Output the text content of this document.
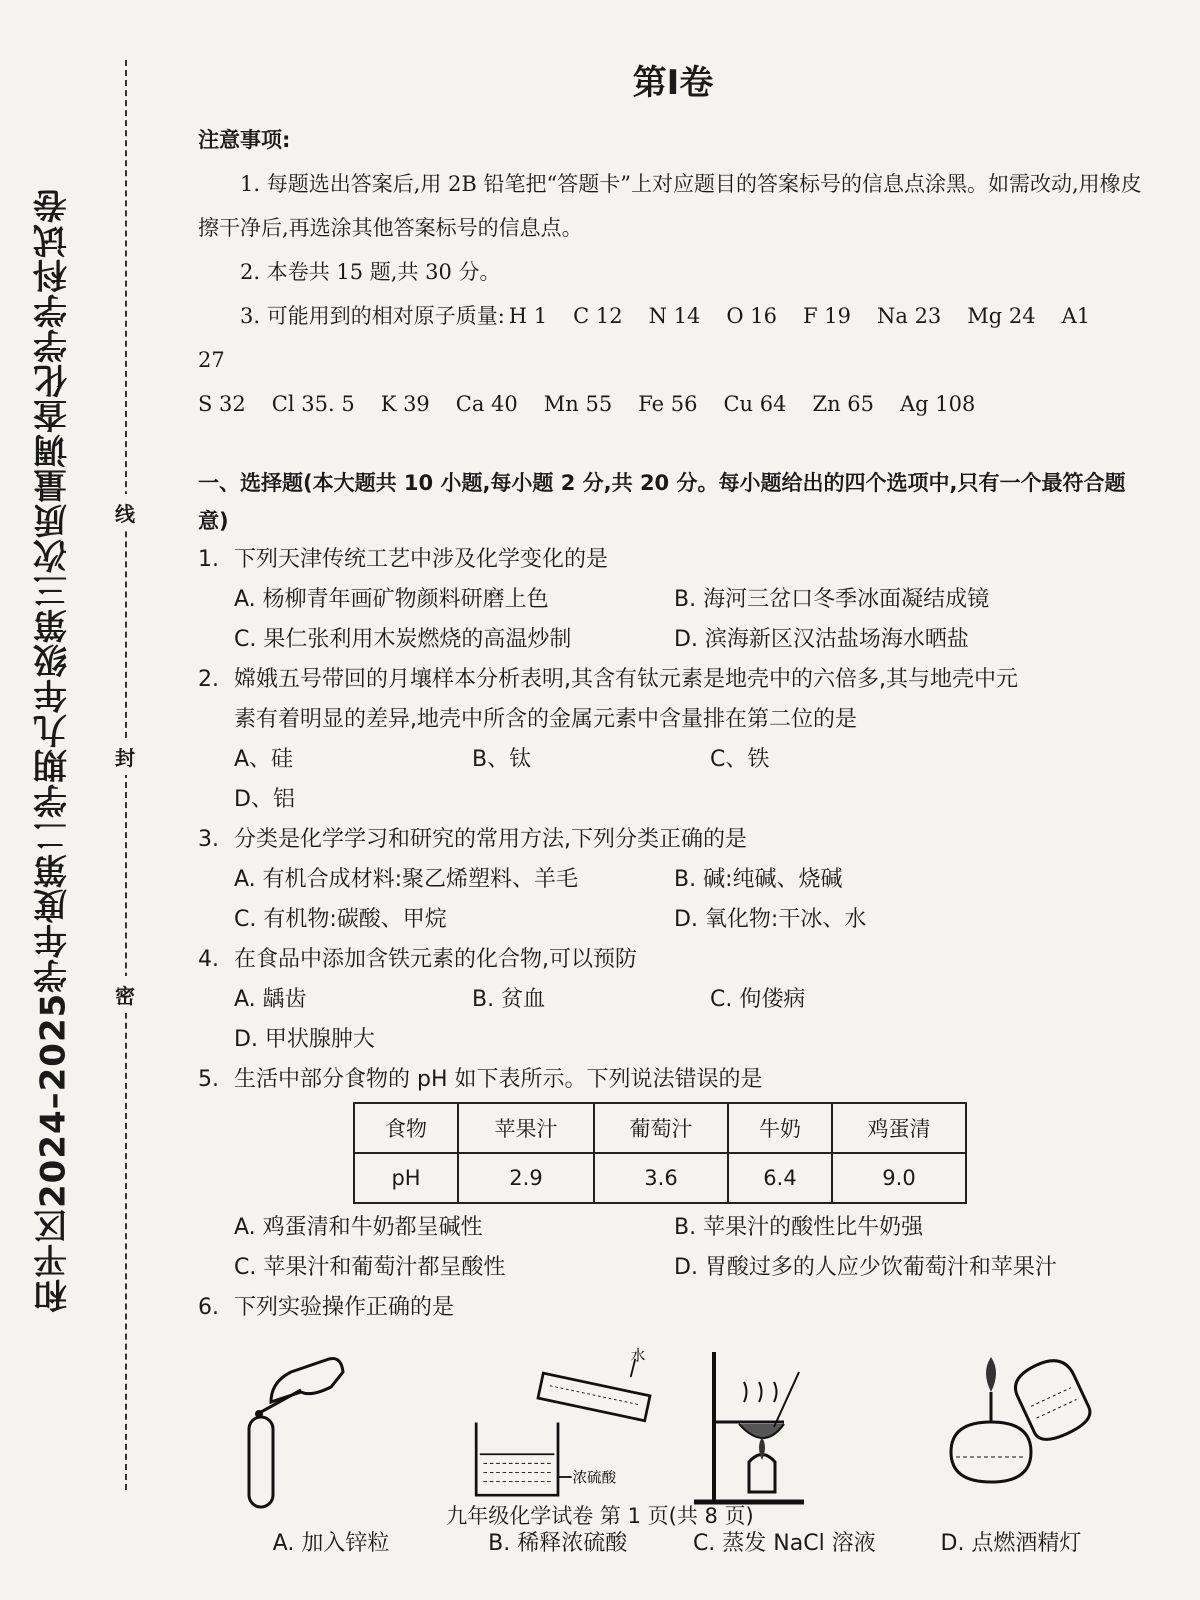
和平区2024–2025学年度第二学期九年级第三次质量调查化学学科试卷 线
封
密
第I卷
注意事项:

1. 每题选出答案后,用 2B 铅笔把“答题卡”上对应题目的答案标号的信息点涂黑。如需改动,用橡皮擦干净后,再选涂其他答案标号的信息点。

2. 本卷共 15 题,共 30 分。

3. 可能用到的相对原子质量: H 1 C 12 N 14 O 16 F 19 Na 23 Mg 24 A1 27

S 32 Cl 35. 5 K 39 Ca 40 Mn 55 Fe 56 Cu 64 Zn 65 Ag 108

一、选择题(本大题共 10 小题,每小题 2 分,共 20 分。每小题给出的四个选项中,只有一个最符合题意)

1. 下列天津传统工艺中涉及化学变化的是

A. 杨柳青年画矿物颜料研磨上色	B. 海河三岔口冬季冰面凝结成镜
C. 果仁张利用木炭燃烧的高温炒制	D. 滨海新区汉沽盐场海水晒盐

2. 嫦娥五号带回的月壤样本分析表明,其含有钛元素是地壳中的六倍多,其与地壳中元

素有着明显的差异,地壳中所含的金属元素中含量排在第二位的是

A、硅	B、钛	C、铁
D、铝

3. 分类是化学学习和研究的常用方法,下列分类正确的是

A. 有机合成材料:聚乙烯塑料、羊毛	B. 碱:纯碱、烧碱
C. 有机物:碳酸、甲烷	D. 氧化物:干冰、水

4. 在食品中添加含铁元素的化合物,可以预防

A. 龋齿	B. 贫血	C. 佝偻病
D. 甲状腺肿大

5. 生活中部分食物的 pH 如下表所示。下列说法错误的是

食物	苹果汁	葡萄汁	牛奶	鸡蛋清
pH	2.9	3.6	6.4	9.0
A. 鸡蛋清和牛奶都呈碱性	B. 苹果汁的酸性比牛奶强
C. 苹果汁和葡萄汁都呈酸性	D. 胃酸过多的人应少饮葡萄汁和苹果汁

6. 下列实验操作正确的是

A. 加入锌粒
水
浓硫酸
B. 稀释浓硫酸	C. 蒸发 NaCl 溶液	D. 点燃酒精灯
九年级化学试卷 第 1 页(共 8 页)
